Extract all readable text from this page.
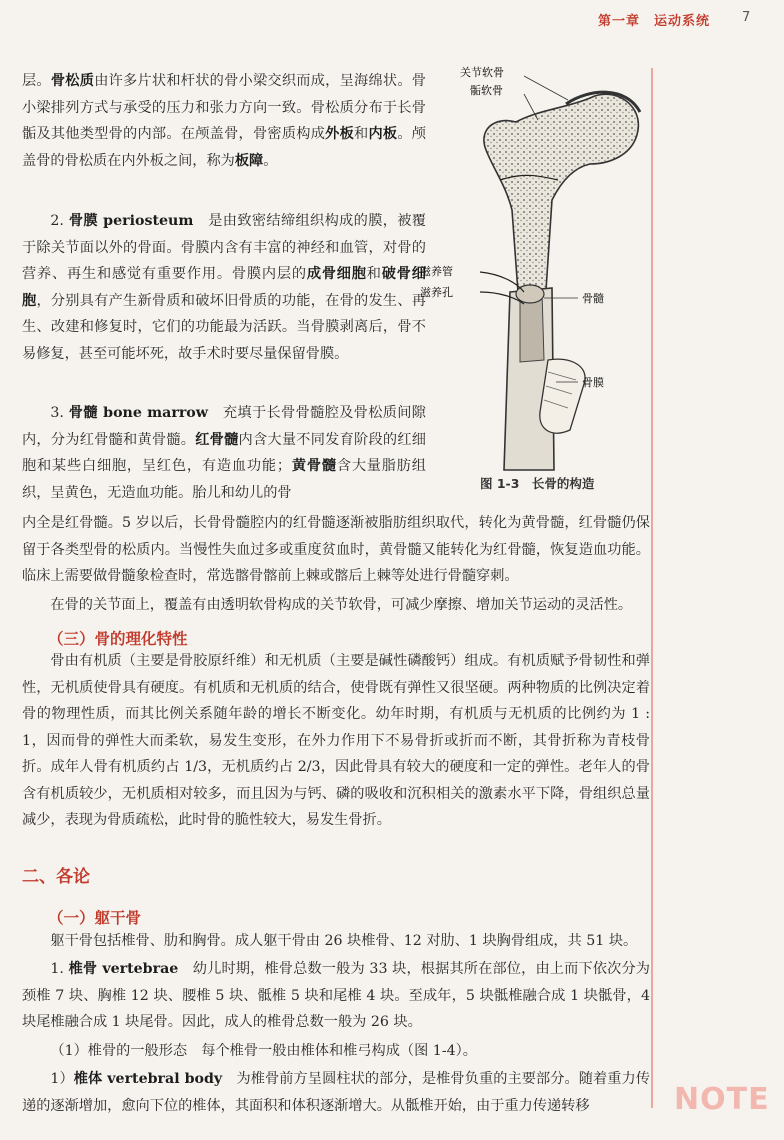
第一章　运动系统 7

层。骨松质由许多片状和杆状的骨小梁交织而成，呈海绵状。骨小梁排列方式与承受的压力和张力方向一致。骨松质分布于长骨骺及其他类型骨的内部。在颅盖骨，骨密质构成外板和内板。颅盖骨的骨松质在内外板之间，称为板障。

2. 骨膜 periosteum　是由致密结缔组织构成的膜，被覆于除关节面以外的骨面。骨膜内含有丰富的神经和血管，对骨的营养、再生和感觉有重要作用。骨膜内层的成骨细胞和破骨细胞，分别具有产生新骨质和破坏旧骨质的功能，在骨的发生、再生、改建和修复时，它们的功能最为活跃。当骨膜剥离后，骨不易修复，甚至可能坏死，故手术时要尽量保留骨膜。

3. 骨髓 bone marrow　充填于长骨骨髓腔及骨松质间隙内，分为红骨髓和黄骨髓。红骨髓内含大量不同发育阶段的红细胞和某些白细胞，呈红色，有造血功能；黄骨髓含大量脂肪组织，呈黄色，无造血功能。胎儿和幼儿的骨

内全是红骨髓。5 岁以后，长骨骨髓腔内的红骨髓逐渐被脂肪组织取代，转化为黄骨髓，红骨髓仍保留于各类型骨的松质内。当慢性失血过多或重度贫血时，黄骨髓又能转化为红骨髓，恢复造血功能。临床上需要做骨髓象检查时，常选髂骨髂前上棘或髂后上棘等处进行骨髓穿刺。

在骨的关节面上，覆盖有由透明软骨构成的关节软骨，可减少摩擦、增加关节运动的灵活性。

（三）骨的理化特性

骨由有机质（主要是骨胶原纤维）和无机质（主要是碱性磷酸钙）组成。有机质赋予骨韧性和弹性，无机质使骨具有硬度。有机质和无机质的结合，使骨既有弹性又很坚硬。两种物质的比例决定着骨的物理性质，而其比例关系随年龄的增长不断变化。幼年时期，有机质与无机质的比例约为 1 : 1，因而骨的弹性大而柔软，易发生变形，在外力作用下不易骨折或折而不断，其骨折称为青枝骨折。成年人骨有机质约占 1/3，无机质约占 2/3，因此骨具有较大的硬度和一定的弹性。老年人的骨含有机质较少，无机质相对较多，而且因为与钙、磷的吸收和沉积相关的激素水平下降，骨组织总量减少，表现为骨质疏松，此时骨的脆性较大，易发生骨折。

二、各论
（一）躯干骨

躯干骨包括椎骨、肋和胸骨。成人躯干骨由 26 块椎骨、12 对肋、1 块胸骨组成，共 51 块。

1. 椎骨 vertebrae　幼儿时期，椎骨总数一般为 33 块，根据其所在部位，由上而下依次分为颈椎 7 块、胸椎 12 块、腰椎 5 块、骶椎 5 块和尾椎 4 块。至成年，5 块骶椎融合成 1 块骶骨，4 块尾椎融合成 1 块尾骨。因此，成人的椎骨总数一般为 26 块。

（1）椎骨的一般形态　每个椎骨一般由椎体和椎弓构成（图 1-4）。

1）椎体 vertebral body　为椎骨前方呈圆柱状的部分，是椎骨负重的主要部分。随着重力传递的逐渐增加，愈向下位的椎体，其面积和体积逐渐增大。从骶椎开始，由于重力传递转移

关节软骨
骺软骨
滋养管
滋养孔	骨髓
骨膜
图 1-3　长骨的构造
NOTE
